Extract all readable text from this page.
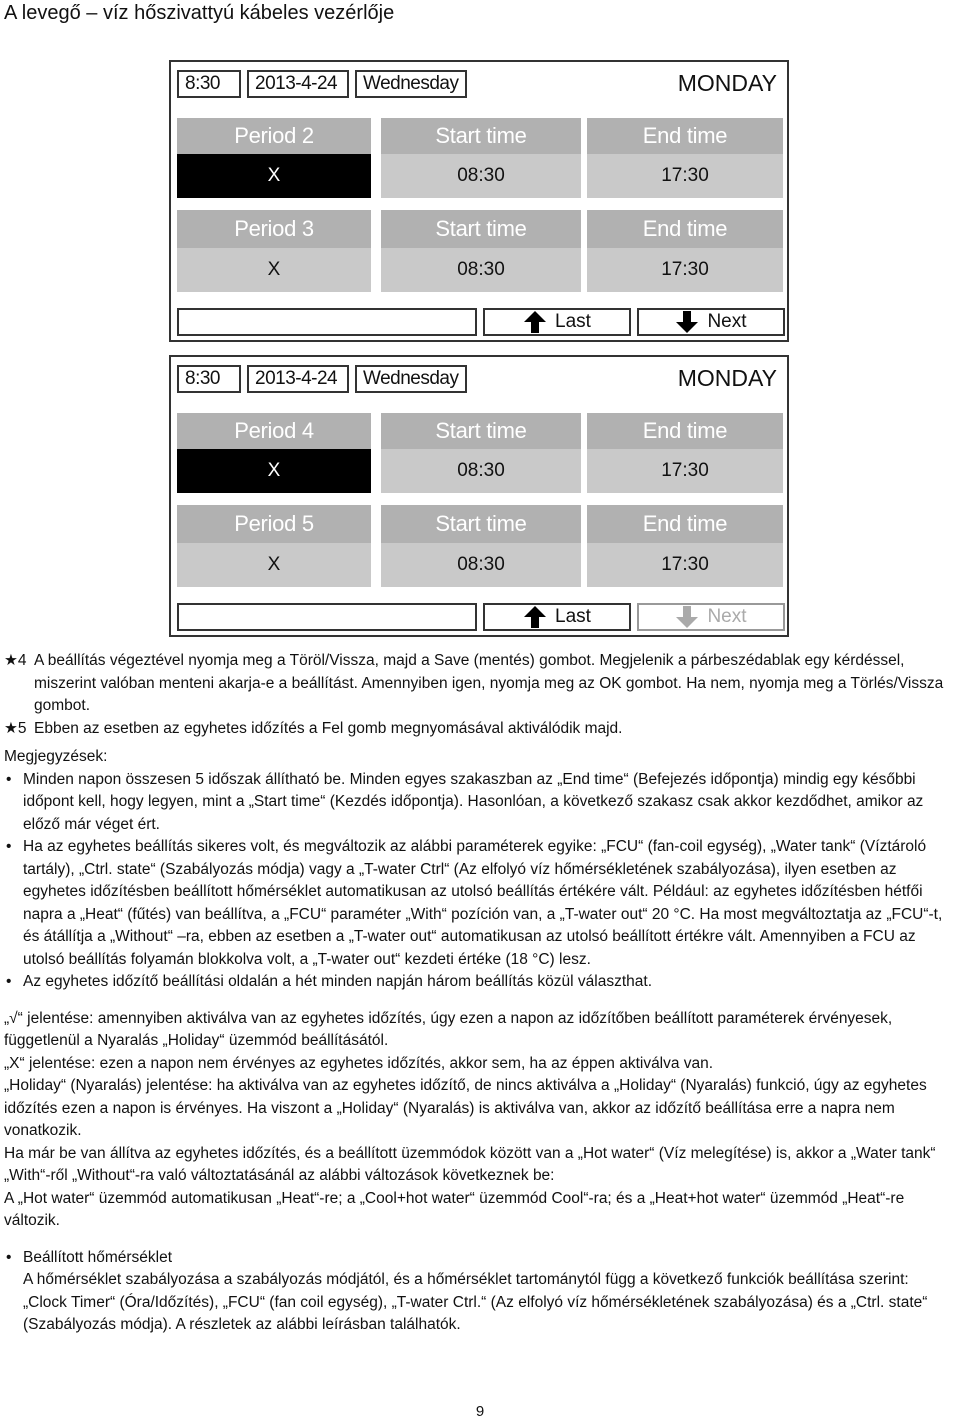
A levegő – víz hőszivattyú kábeles vezérlője
8:30	2013-4-24	Wednesday	MONDAY
Period 2	Start time	End time
X	08:30	17:30
Period 3	Start time	End time
X	08:30	17:30
Last	Next
8:30	2013-4-24	Wednesday	MONDAY
Period 4	Start time	End time
X	08:30	17:30
Period 5	Start time	End time
X	08:30	17:30
Last	Next

★4 A beállítás végeztével nyomja meg a Töröl/Vissza, majd a Save (mentés) gombot. Megjelenik a párbeszédablak egy kérdéssel, miszerint valóban menteni akarja-e a beállítást. Amennyiben igen, nyomja meg az OK gombot. Ha nem, nyomja meg a Törlés/Vissza gombot.

★5 Ebben az esetben az egyhetes időzítés a Fel gomb megnyomásával aktiválódik majd.

Megjegyzések:

• Minden napon összesen 5 időszak állítható be. Minden egyes szakaszban az „End time“ (Befejezés időpontja) mindig egy későbbi időpont kell, hogy legyen, mint a „Start time“ (Kezdés időpontja). Hasonlóan, a következő szakasz csak akkor kezdődhet, amikor az előző már véget ért.

• Ha az egyhetes beállítás sikeres volt, és megváltozik az alábbi paraméterek egyike: „FCU“ (fan-coil egység), „Water tank“ (Víztároló tartály), „Ctrl. state“ (Szabályozás módja) vagy a „T-water Ctrl“ (Az elfolyó víz hőmérsékletének szabályozása), ilyen esetben az egyhetes időzítésben beállított hőmérséklet automatikusan az utolsó beállítás értékére vált. Például: az egyhetes időzítésben hétfői napra a „Heat“ (fűtés) van beállítva, a „FCU“ paraméter „With“ pozíción van, a „T-water out“ 20 °C. Ha most megváltoztatja az „FCU“-t, és átállítja a „Without“ –ra, ebben az esetben a „T-water out“ automatikusan az utolsó beállított értékre vált. Amennyiben a FCU az utolsó beállítás folyamán blokkolva volt, a „T-water out“ kezdeti értéke (18 °C) lesz.

• Az egyhetes időzítő beállítási oldalán a hét minden napján három beállítás közül választhat.

„√“ jelentése: amennyiben aktiválva van az egyhetes időzítés, úgy ezen a napon az időzítőben beállított paraméterek érvényesek, függetlenül a Nyaralás „Holiday“ üzemmód beállításától.

„X“ jelentése: ezen a napon nem érvényes az egyhetes időzítés, akkor sem, ha az éppen aktiválva van.

„Holiday“ (Nyaralás) jelentése: ha aktiválva van az egyhetes időzítő, de nincs aktiválva a „Holiday“ (Nyaralás) funkció, úgy az egyhetes időzítés ezen a napon is érvényes. Ha viszont a „Holiday“ (Nyaralás) is aktiválva van, akkor az időzítő beállítása erre a napra nem vonatkozik.

Ha már be van állítva az egyhetes időzítés, és a beállított üzemmódok között van a „Hot water“ (Víz melegítése) is, akkor a „Water tank“ „With“-ről „Without“-ra való változtatásánál az alábbi változások következnek be:

A „Hot water“ üzemmód automatikusan „Heat“-re; a „Cool+hot water“ üzemmód Cool“-ra; és a „Heat+hot water“ üzemmód „Heat“-re változik.

• Beállított hőmérséklet

A hőmérséklet szabályozása a szabályozás módjától, és a hőmérséklet tartománytól függ a következő funkciók beállítása szerint: „Clock Timer“ (Óra/Időzítés), „FCU“ (fan coil egység), „T-water Ctrl.“ (Az elfolyó víz hőmérsékletének szabályozása) és a „Ctrl. state“ (Szabályozás módja). A részletek az alábbi leírásban találhatók.

9
